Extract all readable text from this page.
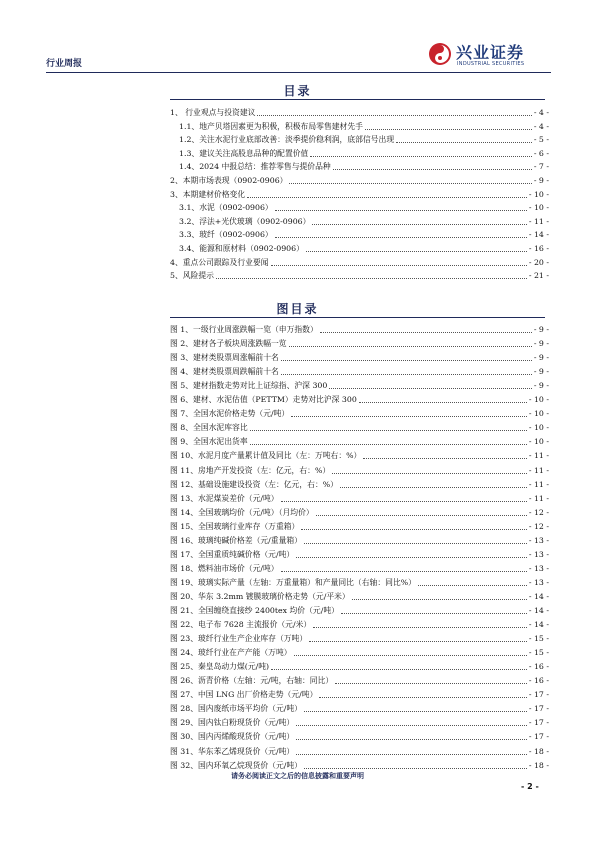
行业周报
兴业证券
INDUSTRIAL SECURITIES
目录
1、 行业观点与投资建议	- 4 -
1.1、地产贝塔因素更为积极，积极布局零售建材先手	- 4 -
1.2、关注水泥行业底部改善：淡季提价稳利润，底部信号出现	- 5 -
1.3、建议关注高股息品种的配置价值	- 6 -
1.4、2024 中报总结：推荐零售与提价品种	- 7 -
2、本期市场表现（0902-0906）	- 9 -
3、本期建材价格变化	- 10 -
3.1、水泥（0902-0906）	- 10 -
3.2、浮法+光伏玻璃（0902-0906）	- 11 -
3.3、玻纤（0902-0906）	- 14 -
3.4、能源和原材料（0902-0906）	- 16 -
4、重点公司跟踪及行业要闻	- 20 -
5、风险提示	- 21 -
图目录
图 1、一级行业周涨跌幅一览（申万指数）	- 9 -
图 2、建材各子板块周涨跌幅一览	- 9 -
图 3、建材类股票周涨幅前十名	- 9 -
图 4、建材类股票周跌幅前十名	- 9 -
图 5、建材指数走势对比上证综指、沪深 300	- 9 -
图 6、建材、水泥估值（PETTM）走势对比沪深 300	- 10 -
图 7、全国水泥价格走势（元/吨）	- 10 -
图 8、全国水泥库容比	- 10 -
图 9、全国水泥出货率	- 10 -
图 10、水泥月度产量累计值及同比（左：万吨右：%）	- 11 -
图 11、房地产开发投资（左：亿元，右：%）	- 11 -
图 12、基础设施建设投资（左：亿元，右：%）	- 11 -
图 13、水泥煤炭差价（元/吨）	- 11 -
图 14、全国玻璃均价（元/吨）（月均价）	- 12 -
图 15、全国玻璃行业库存（万重箱）	- 12 -
图 16、玻璃纯碱价格差（元/重量箱）	- 13 -
图 17、全国重质纯碱价格（元/吨）	- 13 -
图 18、燃料油市场价（元/吨）	- 13 -
图 19、玻璃实际产量（左轴：万重量箱）和产量同比（右轴：同比%）	- 13 -
图 20、华东 3.2mm 镀膜玻璃价格走势（元/平米）	- 14 -
图 21、全国缠绕直接纱 2400tex 均价（元/吨）	- 14 -
图 22、电子布 7628 主流报价（元/米）	- 14 -
图 23、玻纤行业生产企业库存（万吨）	- 15 -
图 24、玻纤行业在产产能（万吨）	- 15 -
图 25、秦皇岛动力煤(元/吨)	- 16 -
图 26、沥青价格（左轴：元/吨，右轴：同比）	- 16 -
图 27、中国 LNG 出厂价格走势（元/吨）	- 17 -
图 28、国内废纸市场平均价（元/吨）	- 17 -
图 29、国内钛白粉现货价（元/吨）	- 17 -
图 30、国内丙烯酸现货价（元/吨）	- 17 -
图 31、华东苯乙烯现货价（元/吨）	- 18 -
图 32、国内环氧乙烷现货价（元/吨）	- 18 -
请务必阅读正文之后的信息披露和重要声明
- 2 -
